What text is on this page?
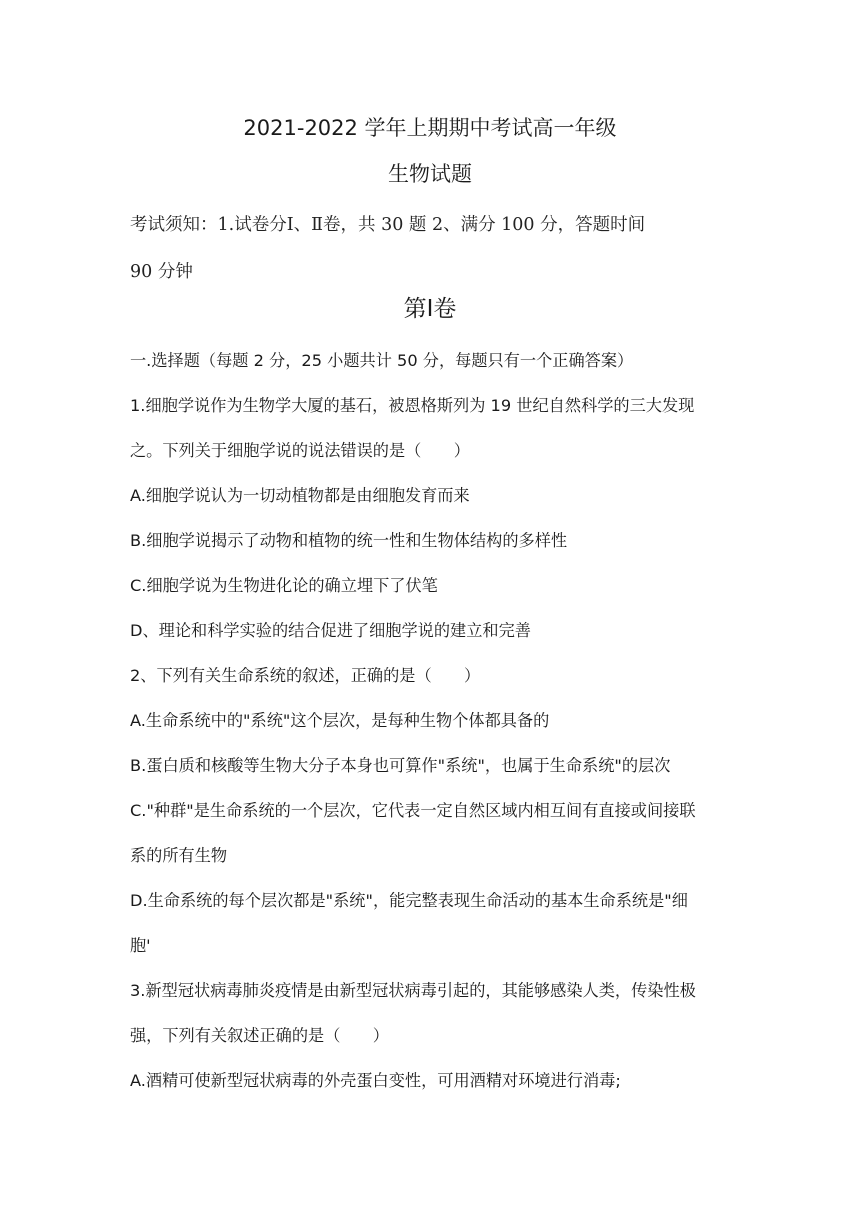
2021-2022 学年上期期中考试高一年级
生物试题
考试须知：1.试卷分Ⅰ、Ⅱ卷，共 30 题 2、满分 100 分，答题时间
90 分钟
第Ⅰ卷
一.选择题（每题 2 分，25 小题共计 50 分，每题只有一个正确答案）
1.细胞学说作为生物学大厦的基石，被恩格斯列为 19 世纪自然科学的三大发现
之。下列关于细胞学说的说法错误的是（　　）
A.细胞学说认为一切动植物都是由细胞发育而来
B.细胞学说揭示了动物和植物的统一性和生物体结构的多样性
C.细胞学说为生物进化论的确立埋下了伏笔
D、理论和科学实验的结合促进了细胞学说的建立和完善
2、下列有关生命系统的叙述，正确的是（　　）
A.生命系统中的"系统"这个层次，是每种生物个体都具备的
B.蛋白质和核酸等生物大分子本身也可算作"系统"，也属于生命系统"的层次
C."种群"是生命系统的一个层次，它代表一定自然区域内相互间有直接或间接联
系的所有生物
D.生命系统的每个层次都是"系统"，能完整表现生命活动的基本生命系统是"细
胞'
3.新型冠状病毒肺炎疫情是由新型冠状病毒引起的，其能够感染人类，传染性极
强，下列有关叙述正确的是（　　）
A.酒精可使新型冠状病毒的外壳蛋白变性，可用酒精对环境进行消毒;
